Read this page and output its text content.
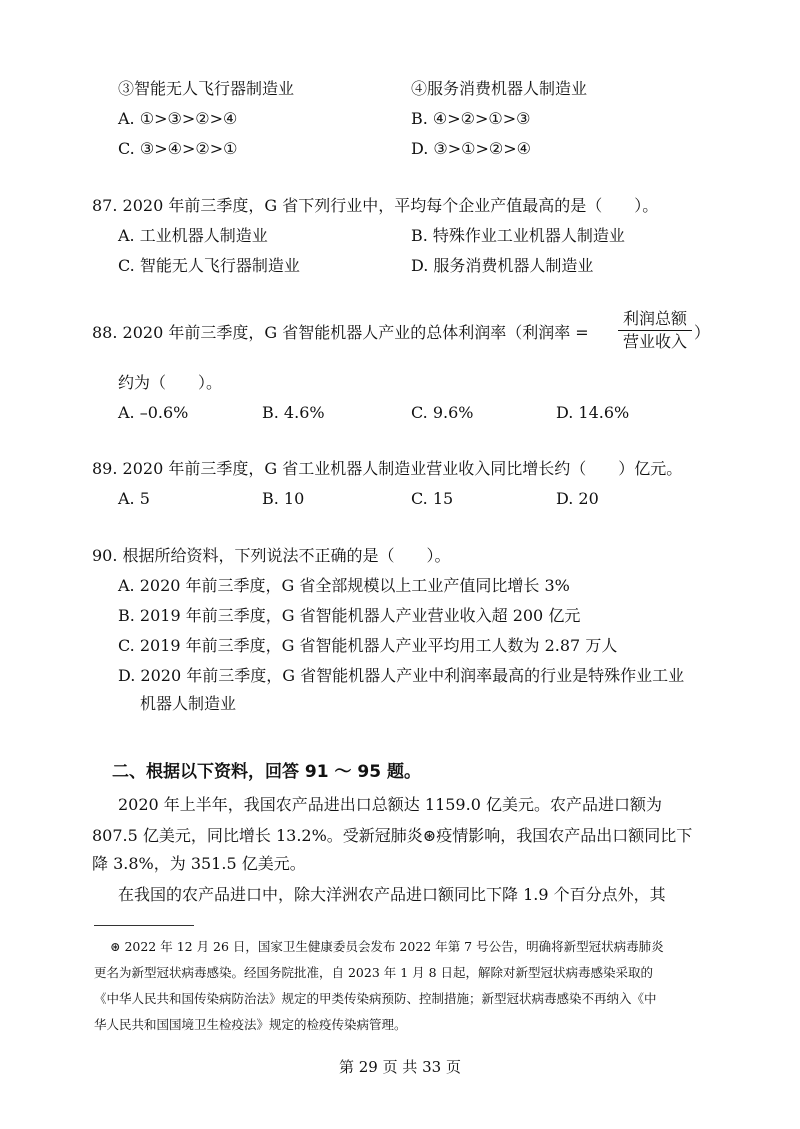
③智能无人飞行器制造业	④服务消费机器人制造业
A. ①>③>②>④	B. ④>②>①>③
C. ③>④>②>①	D. ③>①>②>④
87. 2020 年前三季度，G 省下列行业中，平均每个企业产值最高的是（　　）。
A. 工业机器人制造业	B. 特殊作业工业机器人制造业
C. 智能无人飞行器制造业	D. 服务消费机器人制造业
88. 2020 年前三季度，G 省智能机器人产业的总体利润率（利润率 =
利润总额
营业收入 ）
约为（　　）。
A. –0.6%	B. 4.6%	C. 9.6%	D. 14.6%
89. 2020 年前三季度，G 省工业机器人制造业营业收入同比增长约（　　）亿元。
A. 5	B. 10	C. 15	D. 20
90. 根据所给资料，下列说法不正确的是（　　）。
A. 2020 年前三季度，G 省全部规模以上工业产值同比增长 3%
B. 2019 年前三季度，G 省智能机器人产业营业收入超 200 亿元
C. 2019 年前三季度，G 省智能机器人产业平均用工人数为 2.87 万人
D. 2020 年前三季度，G 省智能机器人产业中利润率最高的行业是特殊作业工业
机器人制造业
二、根据以下资料，回答 91 ～ 95 题。
2020 年上半年，我国农产品进出口总额达 1159.0 亿美元。农产品进口额为
807.5 亿美元，同比增长 13.2%。受新冠肺炎⊛疫情影响，我国农产品出口额同比下
降 3.8%，为 351.5 亿美元。
在我国的农产品进口中，除大洋洲农产品进口额同比下降 1.9 个百分点外，其
⊛ 2022 年 12 月 26 日，国家卫生健康委员会发布 2022 年第 7 号公告，明确将新型冠状病毒肺炎
更名为新型冠状病毒感染。经国务院批准，自 2023 年 1 月 8 日起，解除对新型冠状病毒感染采取的
《中华人民共和国传染病防治法》规定的甲类传染病预防、控制措施；新型冠状病毒感染不再纳入《中
华人民共和国国境卫生检疫法》规定的检疫传染病管理。
第 29 页 共 33 页
